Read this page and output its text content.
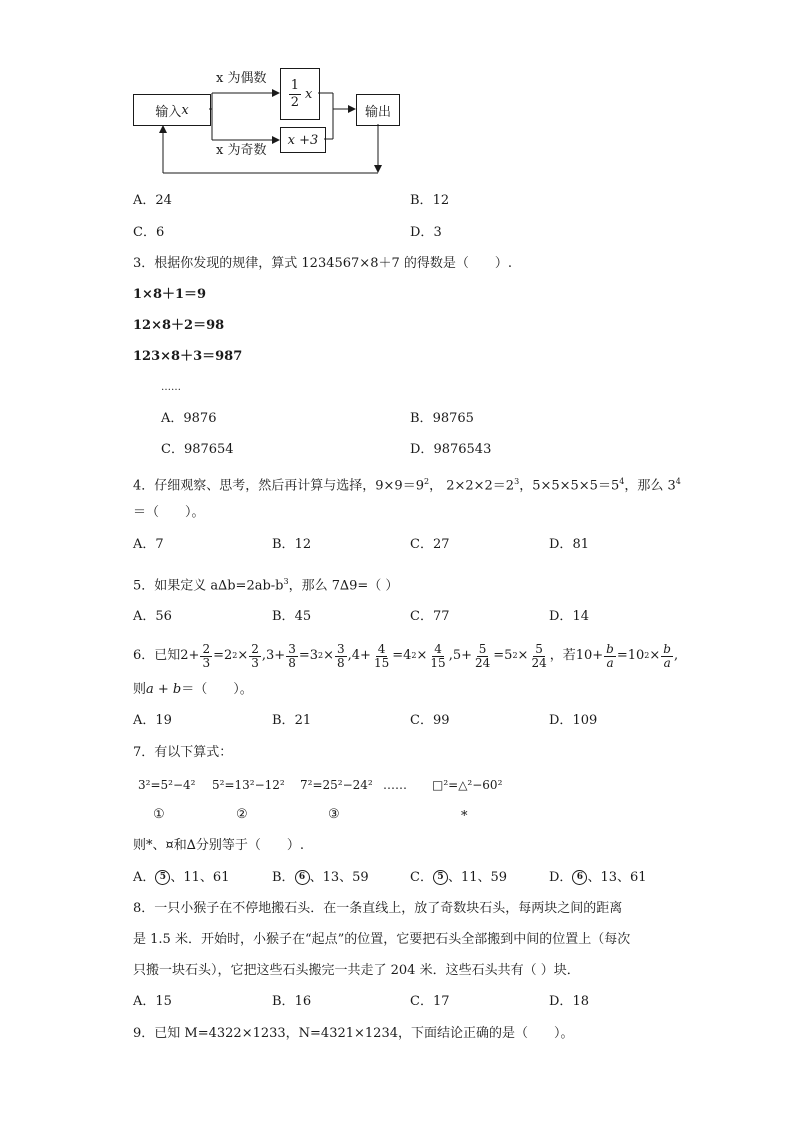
输入 x	$\frac{1}{2}$ x
x +3
输出
x 为偶数
x 为奇数
A．24	B．12
C．6	D．3
3．根据你发现的规律，算式 1234567×8＋7 的得数是（　　）.
1×8＋1＝9
12×8＋2＝98
123×8＋3＝987
……
A．9876	B．98765
C．987654	D．9876543
4．仔细观察、思考，然后再计算与选择，$9\times 9=9^2$， $2\times 2\times 2=2^3$，$5\times 5\times 5\times 5=5^4$，那么 $3^4$
＝（　　）。
A．7	B．12	C．27	D．81
5．如果定义 $a\Delta b=2ab-b^3$，那么 7∆9=（ ）
A．56	B．45	C．77	D．14
6．已知 $2+ \frac{2}{3} =2$ $2 \times \frac{2}{3} ,3+ \frac{3}{8} =3$ $2 \times \frac{3}{8} ,4+ \frac{4}{15} =4$ $2 \times \frac{4}{15} ,5+ \frac{5}{24} =5$ $2 \times \frac{5}{24}$ ，若 $10+ \frac{b}{a} =10$ $2 \times \frac{b}{a}$ ,
则a + b＝（　　）。
A．19	B．21	C．99	D．109
7．有以下算式：
3²=5²−4² 5²=13²−12² 7²=25²−24² …… □²=△²−60²
①	②	③	*
则*、¤和∆分别等于（　　）.
A． 5 、11、61	B． 6 、13、59	C． 5 、11、59	D． 6 、13、61
8．一只小猴子在不停地搬石头．在一条直线上，放了奇数块石头，每两块之间的距离
是 1.5 米．开始时，小猴子在“起点”的位置，它要把石头全部搬到中间的位置上（每次
只搬一块石头），它把这些石头搬完一共走了 204 米．这些石头共有（ ）块．
A．15	B．16	C．17	D．18
9．已知 M=4322×1233，N=4321×1234，下面结论正确的是（　　）。
